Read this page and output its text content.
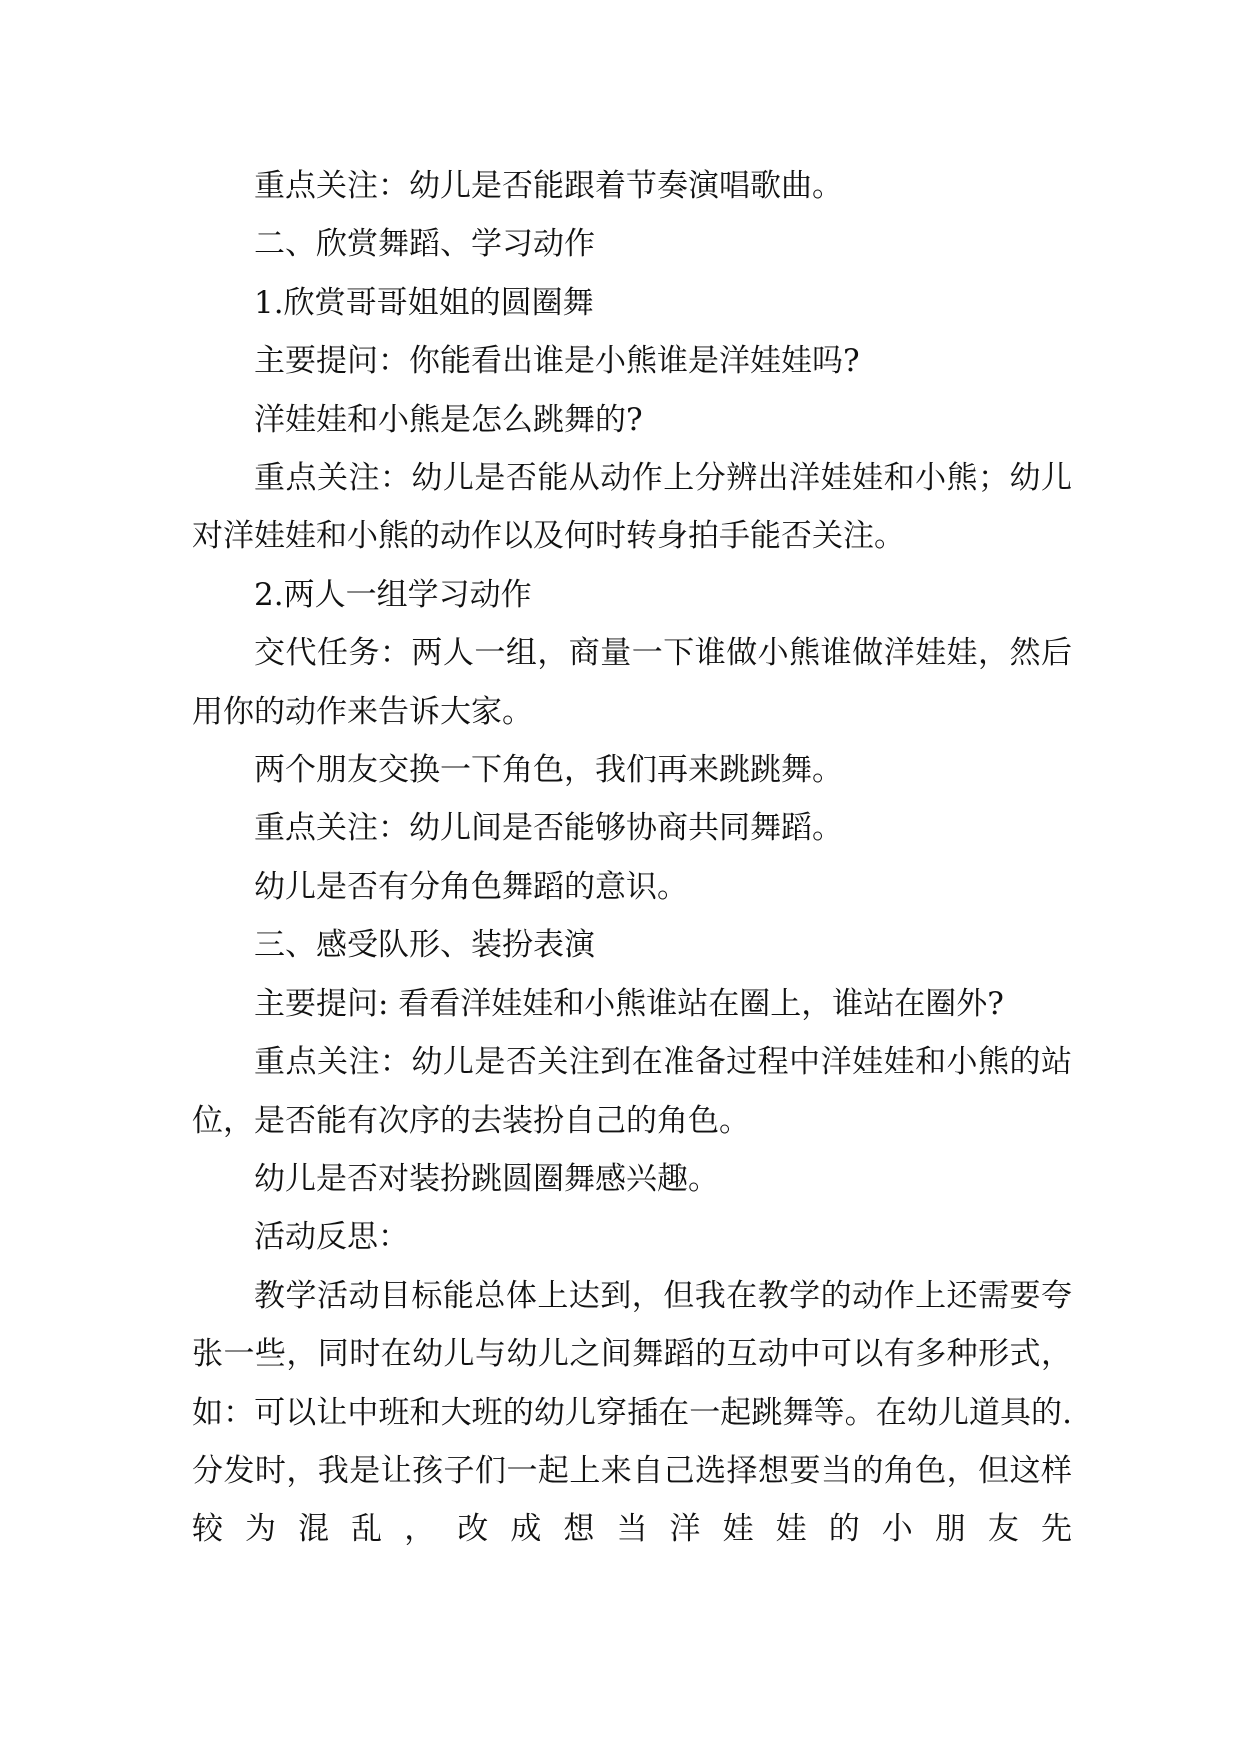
重点关注：幼儿是否能跟着节奏演唱歌曲。

二、欣赏舞蹈、学习动作

1.欣赏哥哥姐姐的圆圈舞

主要提问：你能看出谁是小熊谁是洋娃娃吗?

洋娃娃和小熊是怎么跳舞的?

重点关注：幼儿是否能从动作上分辨出洋娃娃和小熊；幼儿对洋娃娃和小熊的动作以及何时转身拍手能否关注。

2.两人一组学习动作

交代任务：两人一组，商量一下谁做小熊谁做洋娃娃，然后用你的动作来告诉大家。

两个朋友交换一下角色，我们再来跳跳舞。

重点关注：幼儿间是否能够协商共同舞蹈。

幼儿是否有分角色舞蹈的意识。

三、感受队形、装扮表演

主要提问: 看看洋娃娃和小熊谁站在圈上，谁站在圈外?

重点关注：幼儿是否关注到在准备过程中洋娃娃和小熊的站位，是否能有次序的去装扮自己的角色。

幼儿是否对装扮跳圆圈舞感兴趣。

活动反思：

教学活动目标能总体上达到，但我在教学的动作上还需要夸张一些，同时在幼儿与幼儿之间舞蹈的互动中可以有多种形式，如：可以让中班和大班的幼儿穿插在一起跳舞等。在幼儿道具的.分发时，我是让孩子们一起上来自己选择想要当的角色，但这样较为混乱，改成想当洋娃娃的小朋友先
